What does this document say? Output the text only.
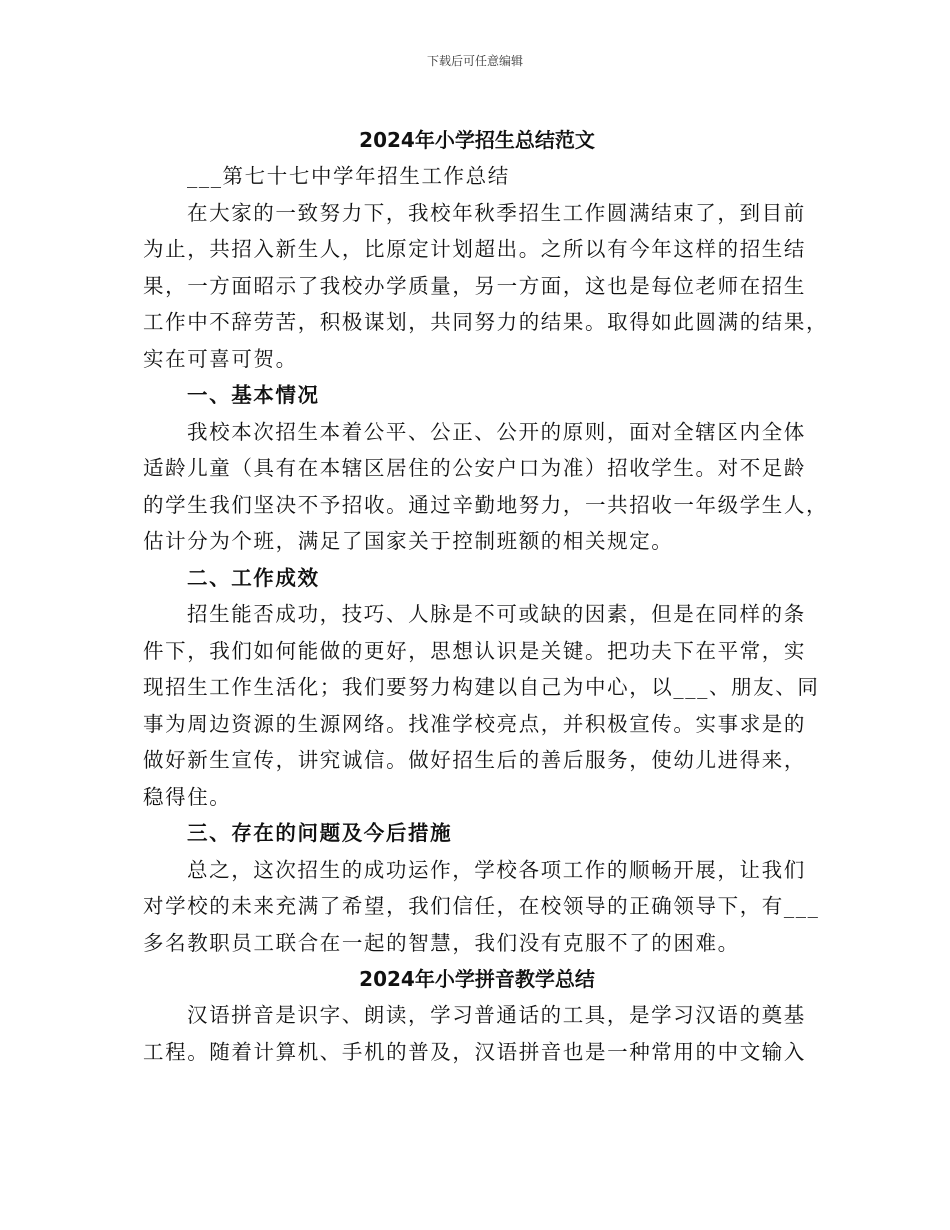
下载后可任意编辑
2024年小学招生总结范文
___第七十七中学年招生工作总结
在大家的一致努力下，我校年秋季招生工作圆满结束了，到目前
为止，共招入新生人，比原定计划超出。之所以有今年这样的招生结
果，一方面昭示了我校办学质量，另一方面，这也是每位老师在招生
工作中不辞劳苦，积极谋划，共同努力的结果。取得如此圆满的结果，
实在可喜可贺。
一、基本情况
我校本次招生本着公平、公正、公开的原则，面对全辖区内全体
适龄儿童（具有在本辖区居住的公安户口为准）招收学生。对不足龄
的学生我们坚决不予招收。通过辛勤地努力，一共招收一年级学生人，
估计分为个班，满足了国家关于控制班额的相关规定。
二、工作成效
招生能否成功，技巧、人脉是不可或缺的因素，但是在同样的条
件下，我们如何能做的更好，思想认识是关键。把功夫下在平常，实
现招生工作生活化；我们要努力构建以自己为中心，以___、朋友、同
事为周边资源的生源网络。找准学校亮点，并积极宣传。实事求是的
做好新生宣传，讲究诚信。做好招生后的善后服务，使幼儿进得来，
稳得住。
三、存在的问题及今后措施
总之，这次招生的成功运作，学校各项工作的顺畅开展，让我们
对学校的未来充满了希望，我们信任，在校领导的正确领导下，有___
多名教职员工联合在一起的智慧，我们没有克服不了的困难。
2024年小学拼音教学总结
汉语拼音是识字、朗读，学习普通话的工具，是学习汉语的奠基
工程。随着计算机、手机的普及，汉语拼音也是一种常用的中文输入
